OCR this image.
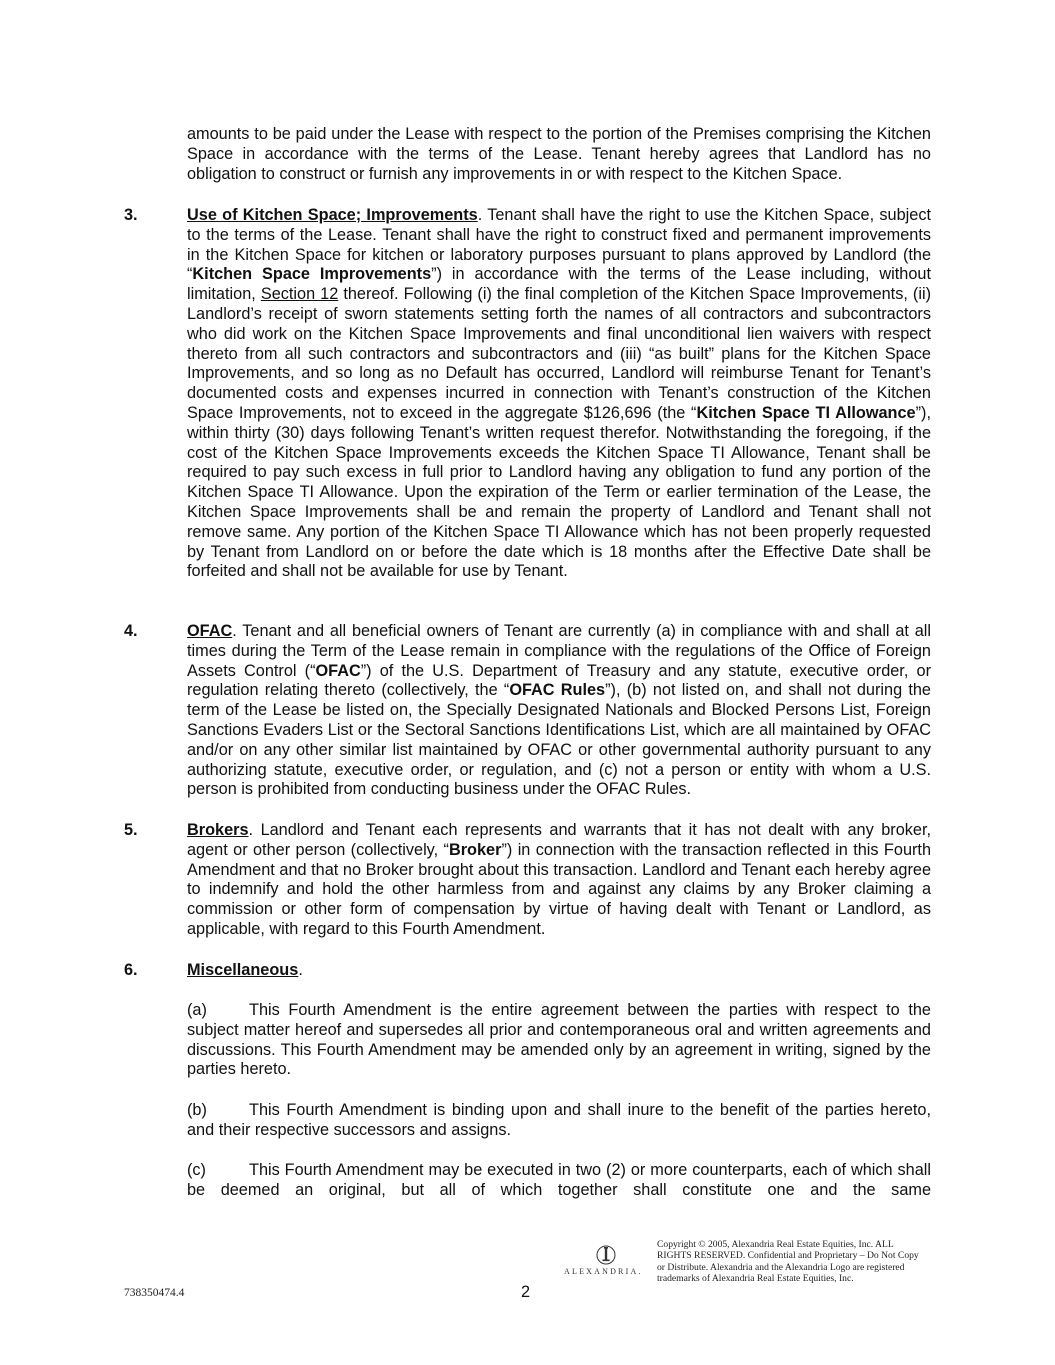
amounts to be paid under the Lease with respect to the portion of the Premises comprising the Kitchen Space in accordance with the terms of the Lease. Tenant hereby agrees that Landlord has no obligation to construct or furnish any improvements in or with respect to the Kitchen Space.

3.	Use of Kitchen Space; Improvements. Tenant shall have the right to use the Kitchen Space, subject to the terms of the Lease. Tenant shall have the right to construct fixed and permanent improvements in the Kitchen Space for kitchen or laboratory purposes pursuant to plans approved by Landlord (the “Kitchen Space Improvements”) in accordance with the terms of the Lease including, without limitation, Section 12 thereof. Following (i) the final completion of the Kitchen Space Improvements, (ii) Landlord’s receipt of sworn statements setting forth the names of all contractors and subcontractors who did work on the Kitchen Space Improvements and final unconditional lien waivers with respect thereto from all such contractors and subcontractors and (iii) “as built” plans for the Kitchen Space Improvements, and so long as no Default has occurred, Landlord will reimburse Tenant for Tenant’s documented costs and expenses incurred in connection with Tenant’s construction of the Kitchen Space Improvements, not to exceed in the aggregate $126,696 (the “Kitchen Space TI Allowance”), within thirty (30) days following Tenant’s written request therefor. Notwithstanding the foregoing, if the cost of the Kitchen Space Improvements exceeds the Kitchen Space TI Allowance, Tenant shall be required to pay such excess in full prior to Landlord having any obligation to fund any portion of the Kitchen Space TI Allowance. Upon the expiration of the Term or earlier termination of the Lease, the Kitchen Space Improvements shall be and remain the property of Landlord and Tenant shall not remove same. Any portion of the Kitchen Space TI Allowance which has not been properly requested by Tenant from Landlord on or before the date which is 18 months after the Effective Date shall be forfeited and shall not be available for use by Tenant.

4.	OFAC. Tenant and all beneficial owners of Tenant are currently (a) in compliance with and shall at all times during the Term of the Lease remain in compliance with the regulations of the Office of Foreign Assets Control (“OFAC”) of the U.S. Department of Treasury and any statute, executive order, or regulation relating thereto (collectively, the “OFAC Rules”), (b) not listed on, and shall not during the term of the Lease be listed on, the Specially Designated Nationals and Blocked Persons List, Foreign Sanctions Evaders List or the Sectoral Sanctions Identifications List, which are all maintained by OFAC and/or on any other similar list maintained by OFAC or other governmental authority pursuant to any authorizing statute, executive order, or regulation, and (c) not a person or entity with whom a U.S. person is prohibited from conducting business under the OFAC Rules.

5.	Brokers. Landlord and Tenant each represents and warrants that it has not dealt with any broker, agent or other person (collectively, “Broker”) in connection with the transaction reflected in this Fourth Amendment and that no Broker brought about this transaction. Landlord and Tenant each hereby agree to indemnify and hold the other harmless from and against any claims by any Broker claiming a commission or other form of compensation by virtue of having dealt with Tenant or Landlord, as applicable, with regard to this Fourth Amendment.

6.	Miscellaneous.

(a)	This Fourth Amendment is the entire agreement between the parties with respect to the subject matter hereof and supersedes all prior and contemporaneous oral and written agreements and discussions. This Fourth Amendment may be amended only by an agreement in writing, signed by the parties hereto.

(b)	This Fourth Amendment is binding upon and shall inure to the benefit of the parties hereto, and their respective successors and assigns.

(c)	This Fourth Amendment may be executed in two (2) or more counterparts, each of which shall be deemed an original, but all of which together shall constitute one and the same

ALEXANDRIA.
Copyright © 2005, Alexandria Real Estate Equities, Inc. ALL RIGHTS RESERVED. Confidential and Proprietary – Do Not Copy or Distribute. Alexandria and the Alexandria Logo are registered trademarks of Alexandria Real Estate Equities, Inc.
738350474.4	2
